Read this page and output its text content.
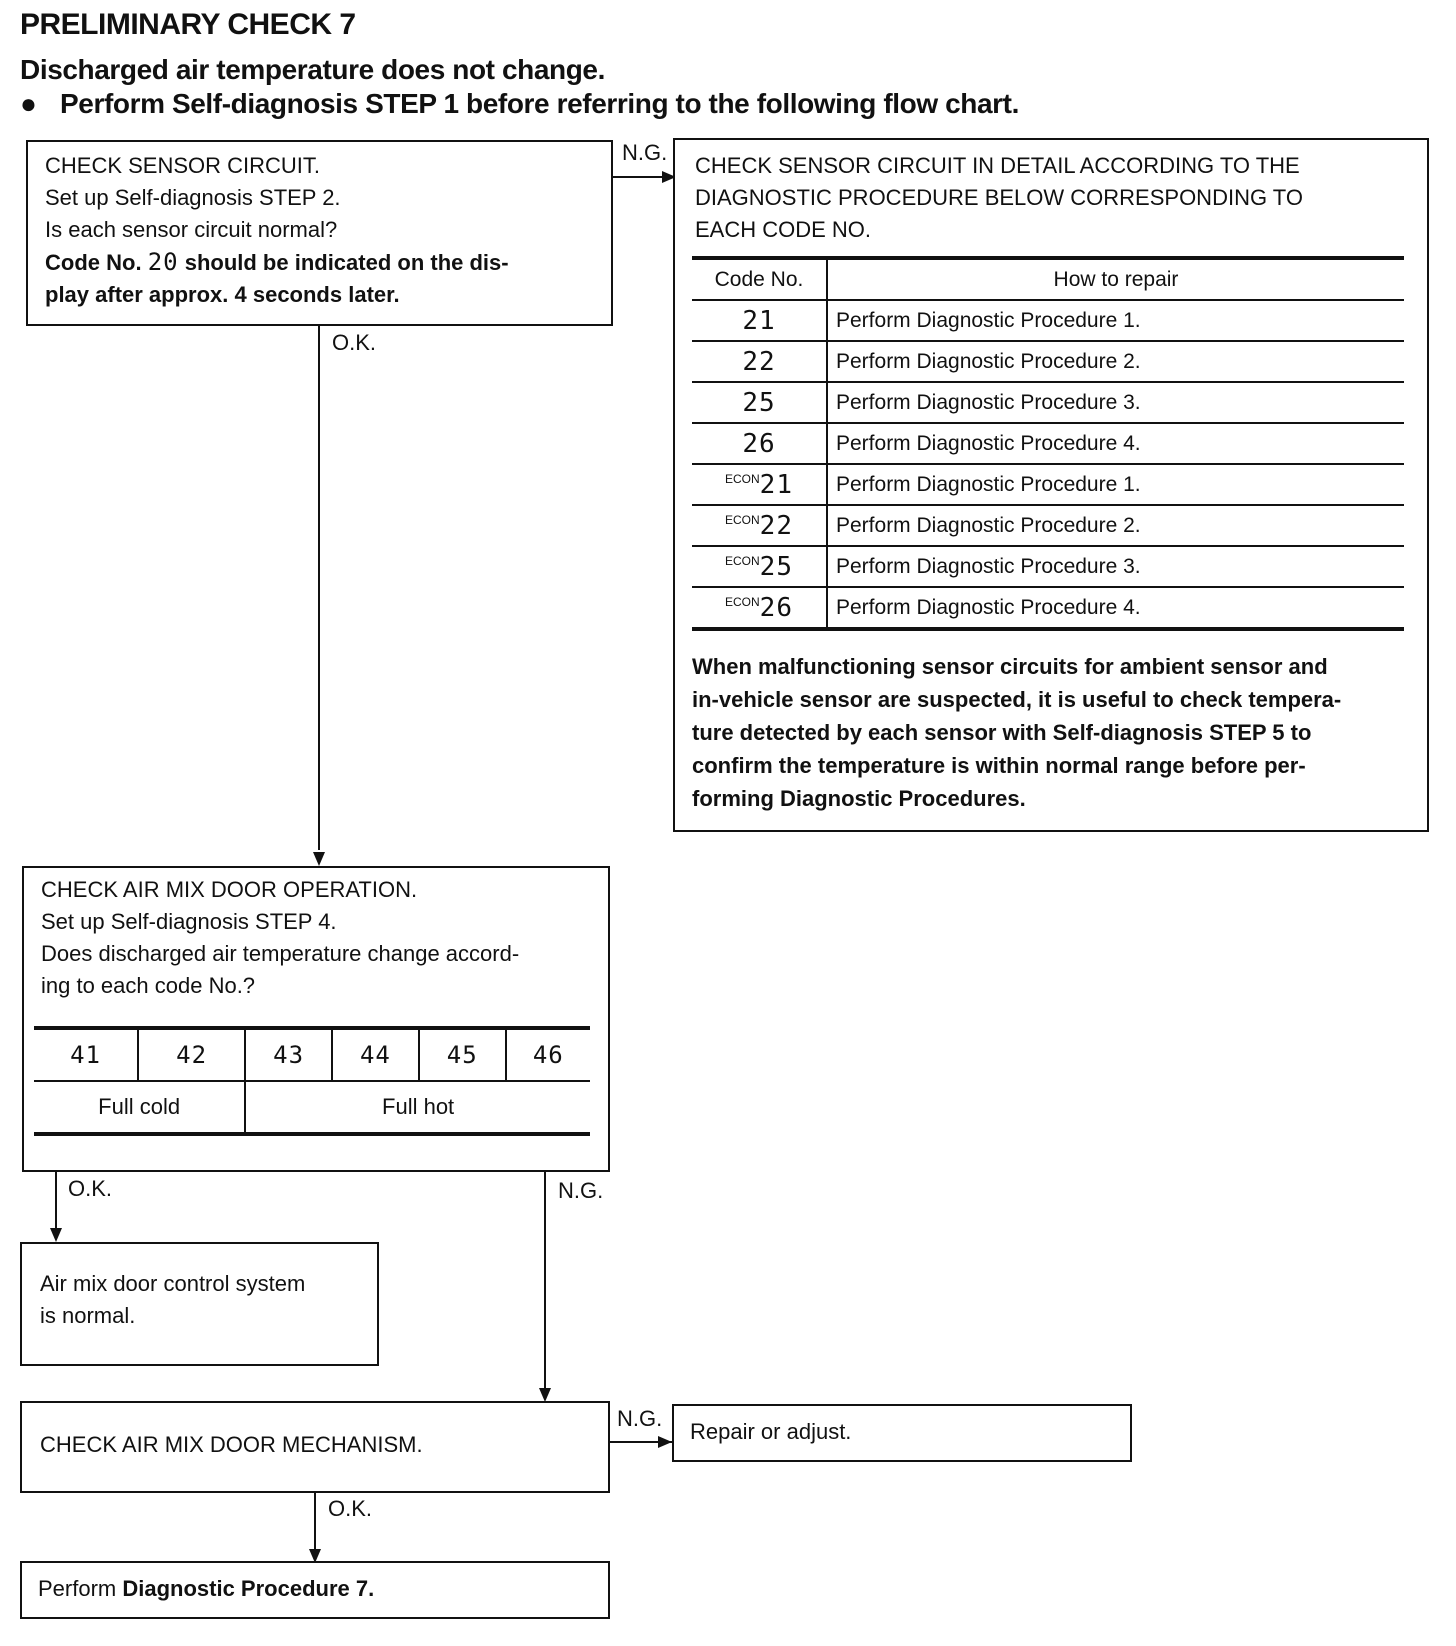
PRELIMINARY CHECK 7
Discharged air temperature does not change.
● Perform Self-diagnosis STEP 1 before referring to the following flow chart.
CHECK SENSOR CIRCUIT.
Set up Self-diagnosis STEP 2.
Is each sensor circuit normal?
Code No. 20 should be indicated on the dis-
play after approx. 4 seconds later.
N.G.
CHECK SENSOR CIRCUIT IN DETAIL ACCORDING TO THE
DIAGNOSTIC PROCEDURE BELOW CORRESPONDING TO
EACH CODE NO.
Code No.	How to repair
21	Perform Diagnostic Procedure 1.
22	Perform Diagnostic Procedure 2.
25	Perform Diagnostic Procedure 3.
26	Perform Diagnostic Procedure 4.
$^{ECON}$21	Perform Diagnostic Procedure 1.
$^{ECON}$22	Perform Diagnostic Procedure 2.
$^{ECON}$25	Perform Diagnostic Procedure 3.
$^{ECON}$26	Perform Diagnostic Procedure 4.
When malfunctioning sensor circuits for ambient sensor and
in-vehicle sensor are suspected, it is useful to check tempera-
ture detected by each sensor with Self-diagnosis STEP 5 to
confirm the temperature is within normal range before per-
forming Diagnostic Procedures.
O.K.
CHECK AIR MIX DOOR OPERATION.
Set up Self-diagnosis STEP 4.
Does discharged air temperature change accord-
ing to each code No.?
41	42	43	44	45	46
Full cold		Full hot			
O.K.	N.G.
Air mix door control system
is normal.
CHECK AIR MIX DOOR MECHANISM.
N.G.
Repair or adjust.
O.K.
Perform Diagnostic Procedure 7.
